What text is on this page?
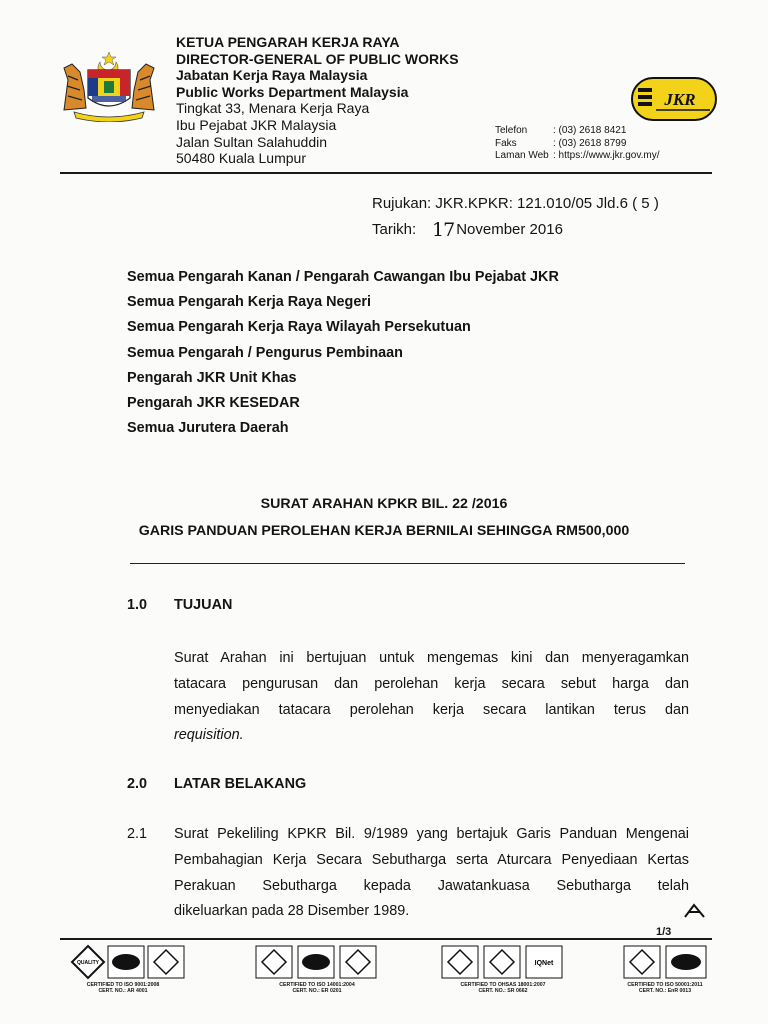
KETUA PENGARAH KERJA RAYA
DIRECTOR-GENERAL OF PUBLIC WORKS
Jabatan Kerja Raya Malaysia
Public Works Department Malaysia
Tingkat 33, Menara Kerja Raya
Ibu Pejabat JKR Malaysia
Jalan Sultan Salahuddin
50480 Kuala Lumpur
Telefon	: (03) 2618 8421
Faks	: (03) 2618 8799
Laman Web : https://www.jkr.gov.my/
JKR
Rujukan: JKR.KPKR: 121.010/05 Jld.6 ( 5 )
Tarikh: 17 November 2016
Semua Pengarah Kanan / Pengarah Cawangan Ibu Pejabat JKR
Semua Pengarah Kerja Raya Negeri
Semua Pengarah Kerja Raya Wilayah Persekutuan
Semua Pengarah / Pengurus Pembinaan
Pengarah JKR Unit Khas
Pengarah JKR KESEDAR
Semua Jurutera Daerah
SURAT ARAHAN KPKR BIL. 22 /2016
GARIS PANDUAN PEROLEHAN KERJA BERNILAI SEHINGGA RM500,000
1.0 TUJUAN
Surat Arahan ini bertujuan untuk mengemas kini dan menyeragamkan
tatacara pengurusan dan perolehan kerja secara sebut harga dan
menyediakan tatacara perolehan kerja secara lantikan terus dan
requisition.
2.0 LATAR BELAKANG
2.1 Surat Pekeliling KPKR Bil. 9/1989 yang bertajuk Garis Panduan Mengenai
Pembahagian Kerja Secara Sebutharga serta Aturcara Penyediaan Kertas
Perakuan Sebutharga kepada Jawatankuasa Sebutharga telah
dikeluarkan pada 28 Disember 1989.
1/3
QUALITY
CERTIFIED TO ISO 9001:2008
CERT. NO.: AR 4001
CERTIFIED TO ISO 14001:2004
CERT. NO.: ER 0201
IQNet
CERTIFIED TO OHSAS 18001:2007
CERT. NO.: SR 0662
CERTIFIED TO ISO 50001:2011
CERT. NO.: EnR 0013
